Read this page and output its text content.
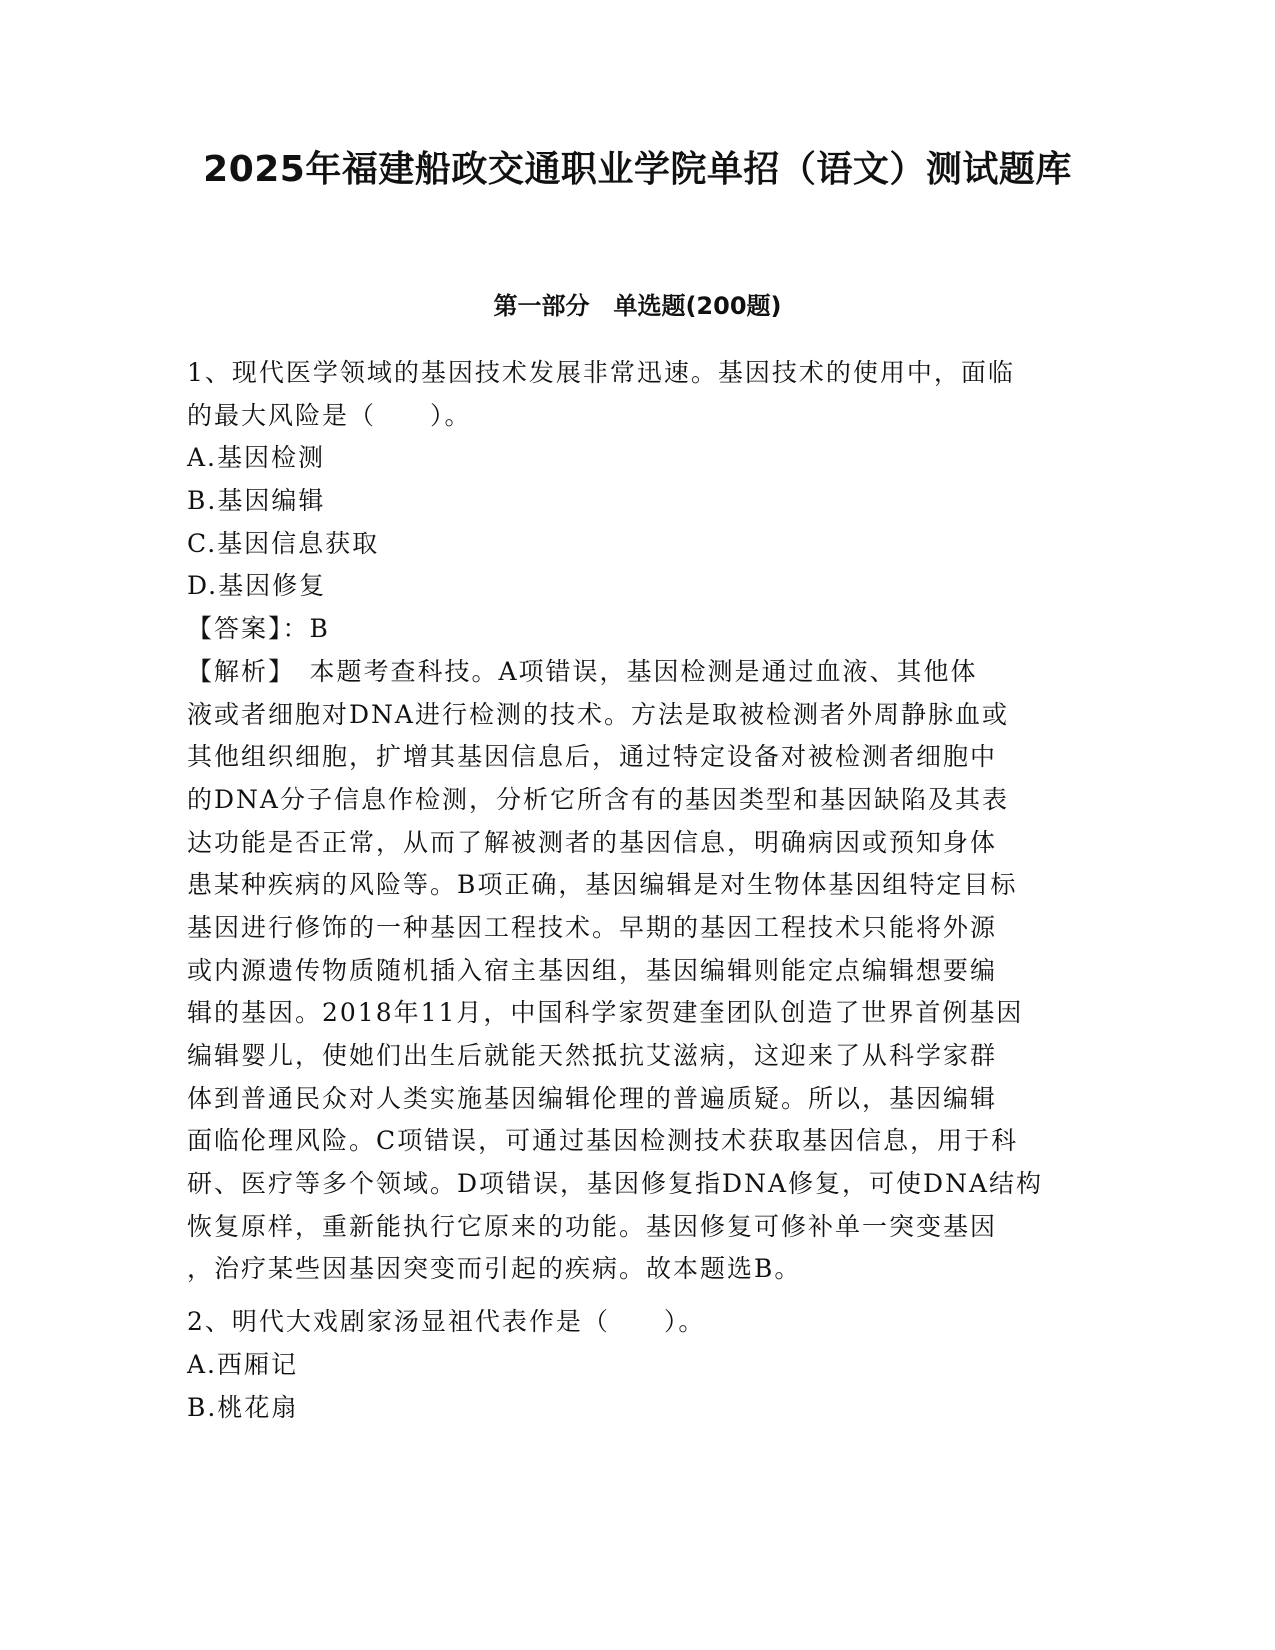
2025年福建船政交通职业学院单招（语文）测试题库
第一部分　单选题(200题)
1、现代医学领域的基因技术发展非常迅速。基因技术的使用中，面临
的最大风险是（　　）。
A.基因检测
B.基因编辑
C.基因信息获取
D.基因修复
【答案】：B
【解析】　本题考查科技。A项错误，基因检测是通过血液、其他体
液或者细胞对DNA进行检测的技术。方法是取被检测者外周静脉血或
其他组织细胞，扩增其基因信息后，通过特定设备对被检测者细胞中
的DNA分子信息作检测，分析它所含有的基因类型和基因缺陷及其表
达功能是否正常，从而了解被测者的基因信息，明确病因或预知身体
患某种疾病的风险等。B项正确，基因编辑是对生物体基因组特定目标
基因进行修饰的一种基因工程技术。早期的基因工程技术只能将外源
或内源遗传物质随机插入宿主基因组，基因编辑则能定点编辑想要编
辑的基因。2018年11月，中国科学家贺建奎团队创造了世界首例基因
编辑婴儿，使她们出生后就能天然抵抗艾滋病，这迎来了从科学家群
体到普通民众对人类实施基因编辑伦理的普遍质疑。所以，基因编辑
面临伦理风险。C项错误，可通过基因检测技术获取基因信息，用于科
研、医疗等多个领域。D项错误，基因修复指DNA修复，可使DNA结构
恢复原样，重新能执行它原来的功能。基因修复可修补单一突变基因
，治疗某些因基因突变而引起的疾病。故本题选B。
2、明代大戏剧家汤显祖代表作是（　　）。
A.西厢记
B.桃花扇
